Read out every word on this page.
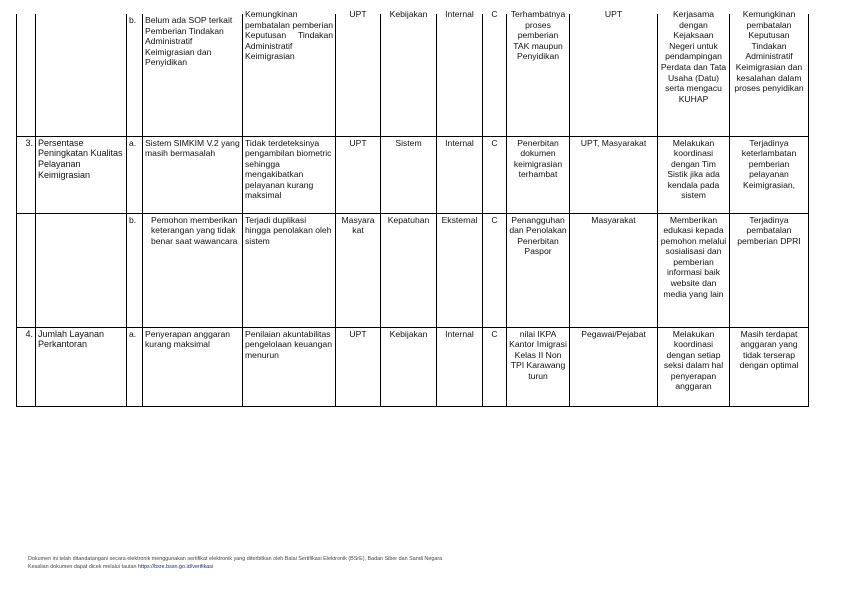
		b.	Belum ada SOP terkait Pemberian Tindakan Administratif Keimigrasian dan Penyidikan	Kemungkinan pembatalan pemberian Keputusan Tindakan Administratif Keimigrasian	UPT	Kebijakan	Internal	C	Terhambatnya proses pemberian TAK maupun Penyidikan	UPT	Kerjasama dengan Kejaksaan Negeri untuk pendampingan Perdata dan Tata Usaha (Datu) serta mengacu KUHAP	Kemungkinan pembatalan Keputusan Tindakan Administratif Keimigrasian dan kesalahan dalam proses penyidikan

3.	Persentase Peningkatan Kualitas Pelayanan Keimigrasian	a.	Sistem SIMKIM V.2 yang masih bermasalah	Tidak terdeteksinya pengambilan biometric sehingga mengakibatkan pelayanan kurang maksimal	UPT	Sistem	Internal	C	Penerbitan dokumen keimigrasian terhambat	UPT, Masyarakat	Melakukan koordinasi dengan Tim Sistik jika ada kendala pada sistem	Terjadinya keterlambatan pemberian pelayanan Keimigrasian,
		b.	Pemohon memberikan keterangan yang tidak benar saat wawancara	Terjadi duplikasi hingga penolakan oleh sistem	Masyarakat	Kepatuhan	Eksternal	C	Penangguhan dan Penolakan Penerbitan Paspor	Masyarakat	Memberikan edukasi kepada pemohon melalui sosialisasi dan pemberian informasi baik website dan media yang lain	Terjadinya pembatalan pemberian DPRI
4.	Jumlah Layanan Perkantoran	a.	Penyerapan anggaran kurang maksimal	Penilaian akuntabilitas pengelolaan keuangan menurun	UPT	Kebijakan	Internal	C	nilai IKPA Kantor Imigrasi Kelas II Non TPI Karawang turun	Pegawai/Pejabat	Melakukan koordinasi dengan setiap seksi dalam hal penyerapan anggaran	Masih terdapat anggaran yang tidak terserap dengan optimal
Dokumen ini telah ditandatangani secara elektronik menggunakan sertifikat elektronik yang diterbitkan oleh Balai Sertifikasi Elektronik (BSrE), Badan Siber dan Sandi Negara
Keaslian dokumen dapat dicek melalui tautan https://bsre.bssn.go.id/verifikasi
